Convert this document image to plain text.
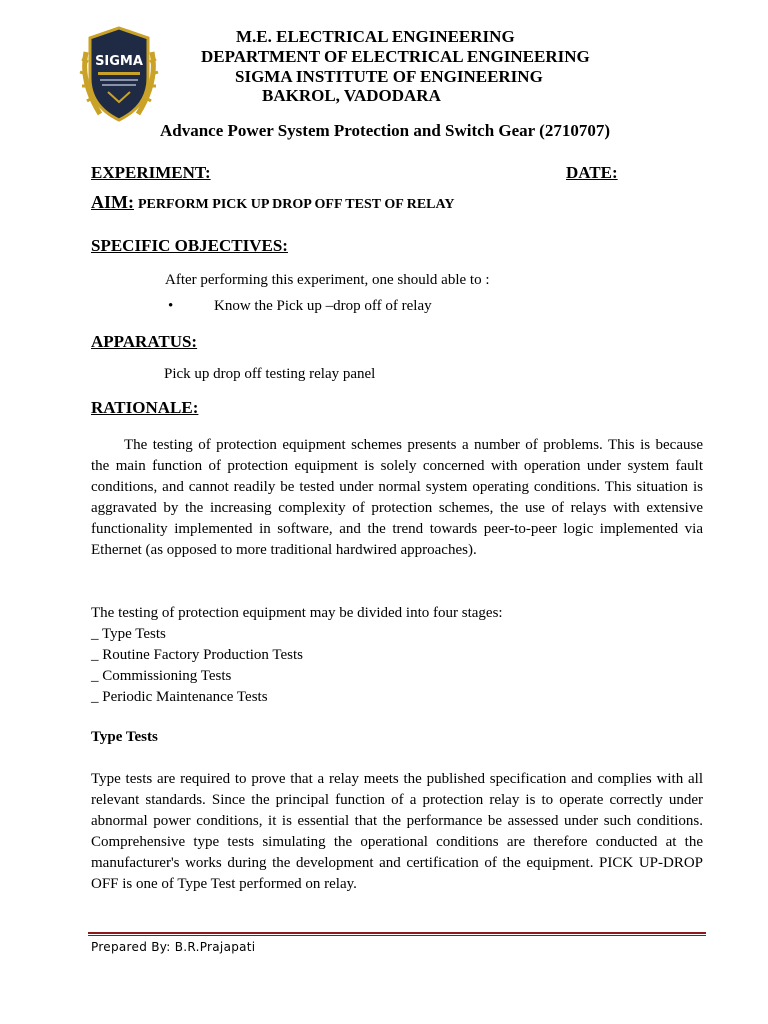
SIGMA
M.E. ELECTRICAL ENGINEERING
DEPARTMENT OF ELECTRICAL ENGINEERING
SIGMA INSTITUTE OF ENGINEERING
BAKROL, VADODARA
Advance Power System Protection and Switch Gear (2710707)
EXPERIMENT:	DATE:
AIM: PERFORM PICK UP DROP OFF TEST OF RELAY
SPECIFIC OBJECTIVES:
After performing this experiment, one should able to :
•	Know the Pick up –drop off of relay
APPARATUS:
Pick up drop off testing relay panel
RATIONALE:

The testing of protection equipment schemes presents a number of problems. This is because the main function of protection equipment is solely concerned with operation under system fault conditions, and cannot readily be tested under normal system operating conditions. This situation is aggravated by the increasing complexity of protection schemes, the use of relays with extensive functionality implemented in software, and the trend towards peer-to-peer logic implemented via Ethernet (as opposed to more traditional hardwired approaches).

The testing of protection equipment may be divided into four stages:
_ Type Tests
_ Routine Factory Production Tests
_ Commissioning Tests
_ Periodic Maintenance Tests
Type Tests

Type tests are required to prove that a relay meets the published specification and complies with all relevant standards. Since the principal function of a protection relay is to operate correctly under abnormal power conditions, it is essential that the performance be assessed under such conditions. Comprehensive type tests simulating the operational conditions are therefore conducted at the manufacturer's works during the development and certification of the equipment. PICK UP-DROP OFF is one of Type Test performed on relay.

Prepared By: B.R.Prajapati
